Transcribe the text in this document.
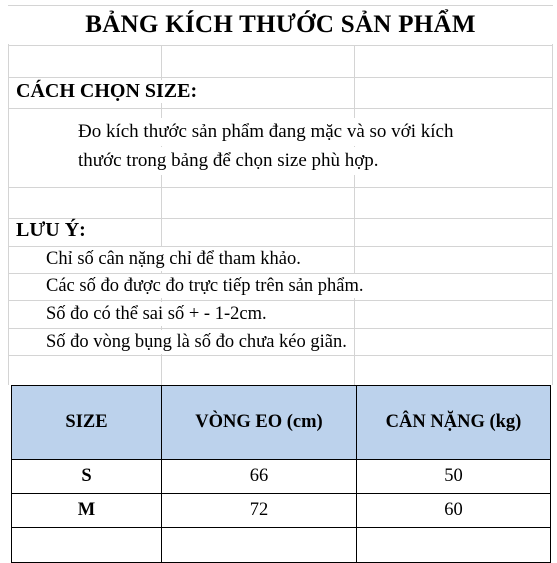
BẢNG KÍCH THƯỚC SẢN PHẨM
CÁCH CHỌN SIZE:
Đo kích thước sản phẩm đang mặc và so với kích
thước trong bảng để chọn size phù hợp.
LƯU Ý:
Chỉ số cân nặng chỉ để tham khảo.
Các số đo được đo trực tiếp trên sản phẩm.
Số đo có thể sai số + - 1-2cm.
Số đo vòng bụng là số đo chưa kéo giãn.
SIZE	VÒNG EO (cm)	CÂN NẶNG (kg)
S	66	50
M	72	60
